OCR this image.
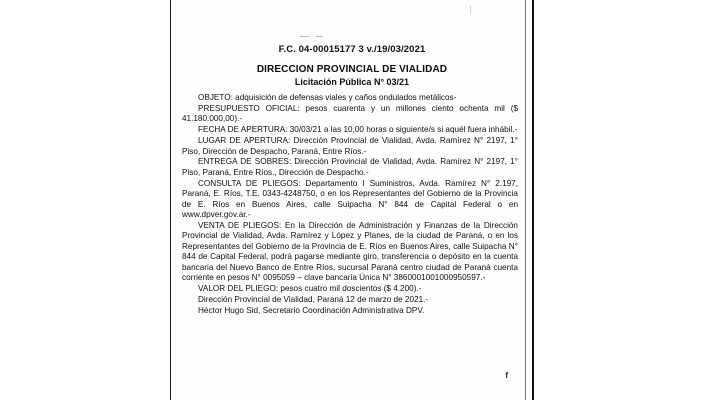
F.C. 04-00015177 3 v./19/03/2021
DIRECCION PROVINCIAL DE VIALIDAD
Licitación Pública N° 03/21

OBJETO: adquisición de defensas viales y caños ondulados metálicos-

PRESUPUESTO OFICIAL: pesos cuarenta y un millones ciento ochenta mil ($ 41.180.000,00).-

FECHA DE APERTURA: 30/03/21 a las 10,00 horas o siguiente/s si aquél fuera inhábil.-

LUGAR DE APERTURA: Dirección Provincial de Vialidad, Avda. Ramírez N° 2197, 1° Piso, Dirección de Despacho, Paraná, Entre Ríos.-

ENTREGA DE SOBRES: Dirección Provincial de Vialidad, Avda. Ramírez N° 2197, 1° Piso, Paraná, Entre Ríos., Dirección de Despacho.-

CONSULTA DE PLIEGOS: Departamento I Suministros, Avda. Ramírez N° 2.197, Paraná, E. Ríos, T.E. 0343-4248750, o en los Representantes del Gobierno de la Provincia de E. Ríos en Buenos Aires, calle Suipacha N° 844 de Capital Federal o en www.dpver.gov.ar.-

VENTA DE PLIEGOS: En la Dirección de Administración y Finanzas de la Dirección Provincial de Vialidad, Avda. Ramírez y López y Planes, de la ciudad de Paraná, o en los Representantes del Gobierno de la Provincia de E. Ríos en Buenos Aires, calle Suipacha N° 844 de Capital Federal, podrá pagarse mediante giro, transferencia o depósito en la cuenta bancaria del Nuevo Banco de Entre Ríos, sucursal Paraná centro ciudad de Paraná cuenta corriente en pesos N° 0095059 – clave bancaria Única N° 3860001001000950597.-

VALOR DEL PLIEGO: pesos cuatro mil doscientos ($ 4.200).-

Dirección Provincial de Vialidad, Paraná 12 de marzo de 2021.-

Héctor Hugo Sid, Secretario Coordinación Administrativa DPV.

f
